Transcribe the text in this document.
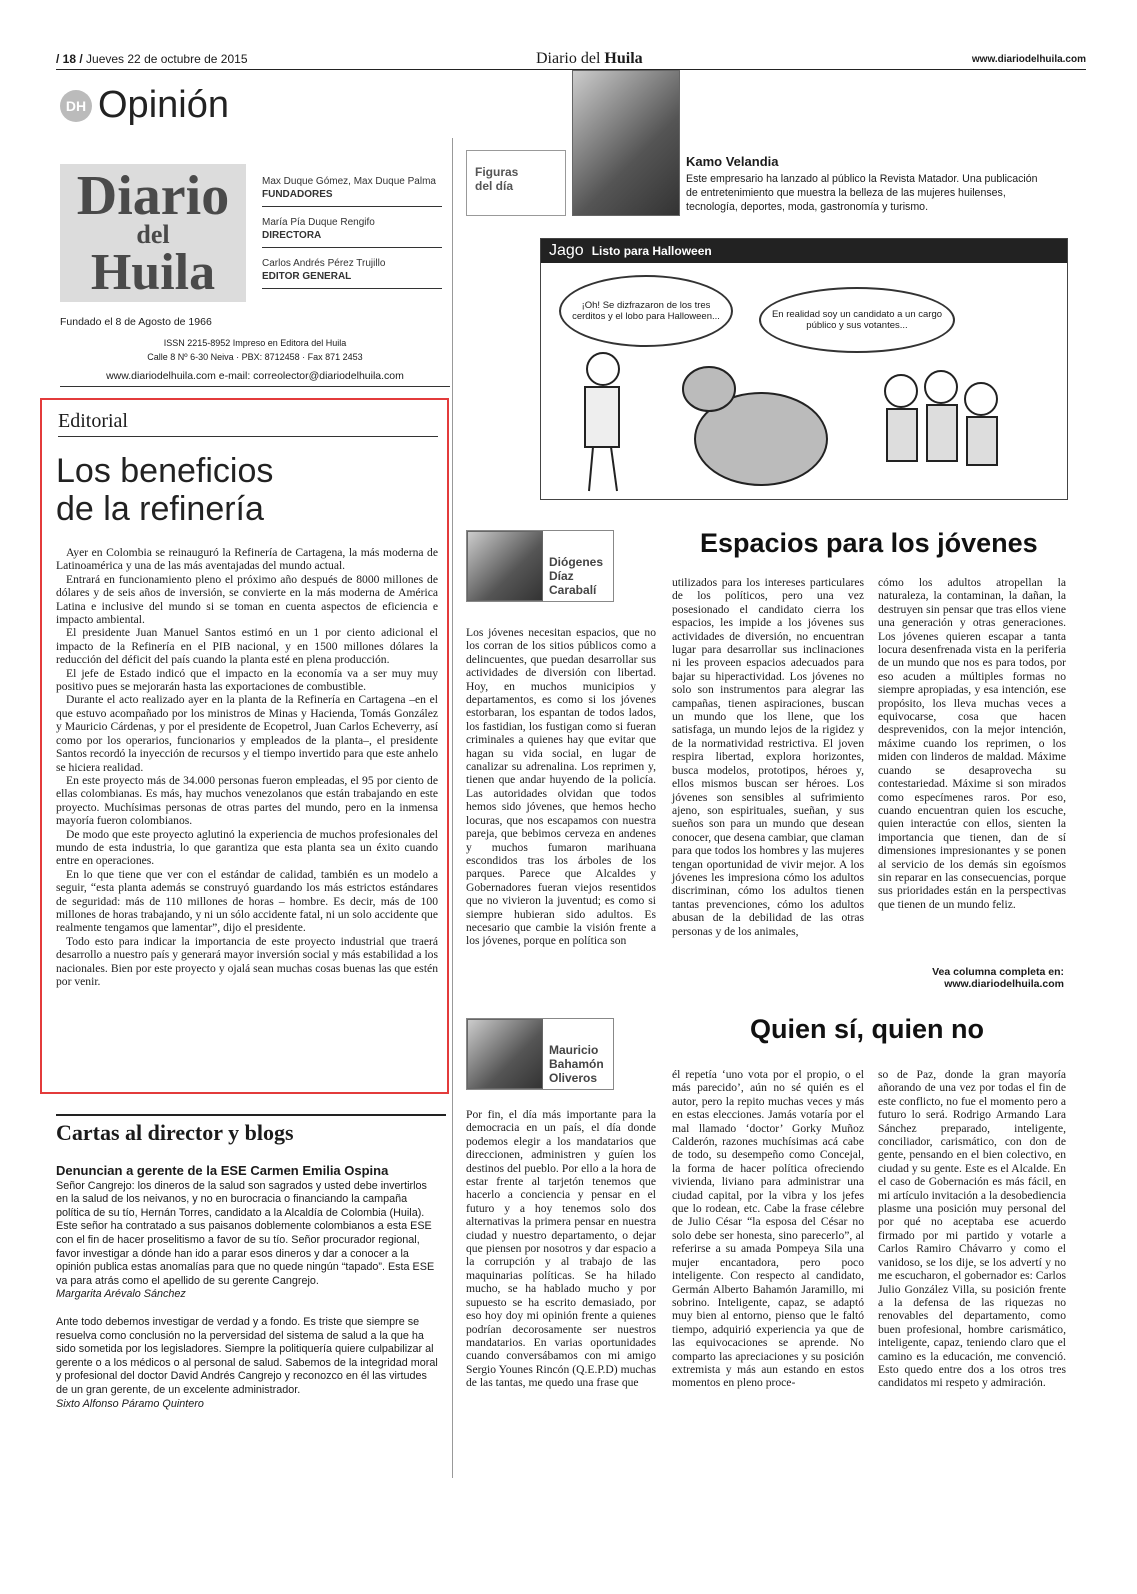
/ 18 / Jueves 22 de octubre de 2015	Diario del Huila	www.diariodelhuila.com
DH Opinión
Diario
del
Huila
Max Duque Gómez, Max Duque Palma
FUNDADORES
María Pía Duque Rengifo
DIRECTORA
Carlos Andrés Pérez Trujillo
EDITOR GENERAL
Fundado el 8 de Agosto de 1966
ISSN 2215-8952 Impreso en Editora del Huila
Calle 8 Nº 6-30 Neiva · PBX: 8712458 · Fax 871 2453
www.diariodelhuila.com e-mail: correolector@diariodelhuila.com
Editorial
Los beneficios
de la refinería

Ayer en Colombia se reinauguró la Refinería de Cartagena, la más moderna de Latinoamérica y una de las más aventajadas del mundo actual.

Entrará en funcionamiento pleno el próximo año después de 8000 millones de dólares y de seis años de inversión, se convierte en la más moderna de América Latina e inclusive del mundo si se toman en cuenta aspectos de eficiencia e impacto ambiental.

El presidente Juan Manuel Santos estimó en un 1 por ciento adicional el impacto de la Refinería en el PIB nacional, y en 1500 millones dólares la reducción del déficit del país cuando la planta esté en plena producción.

El jefe de Estado indicó que el impacto en la economía va a ser muy muy positivo pues se mejorarán hasta las exportaciones de combustible.

Durante el acto realizado ayer en la planta de la Refinería en Cartagena –en el que estuvo acompañado por los ministros de Minas y Hacienda, Tomás González y Mauricio Cárdenas, y por el presidente de Ecopetrol, Juan Carlos Echeverry, así como por los operarios, funcionarios y empleados de la planta–, el presidente Santos recordó la inyección de recursos y el tiempo invertido para que este anhelo se hiciera realidad.

En este proyecto más de 34.000 personas fueron empleadas, el 95 por ciento de ellas colombianas. Es más, hay muchos venezolanos que están trabajando en este proyecto. Muchísimas personas de otras partes del mundo, pero en la inmensa mayoría fueron colombianos.

De modo que este proyecto aglutinó la experiencia de muchos profesionales del mundo de esta industria, lo que garantiza que esta planta sea un éxito cuando entre en operaciones.

En lo que tiene que ver con el estándar de calidad, también es un modelo a seguir, “esta planta además se construyó guardando los más estrictos estándares de seguridad: más de 110 millones de horas – hombre. Es decir, más de 100 millones de horas trabajando, y ni un sólo accidente fatal, ni un solo accidente que realmente tengamos que lamentar”, dijo el presidente.

Todo esto para indicar la importancia de este proyecto industrial que traerá desarrollo a nuestro país y generará mayor inversión social y más estabilidad a los nacionales. Bien por este proyecto y ojalá sean muchas cosas buenas las que estén por venir.

Cartas al director y blogs
Denuncian a gerente de la ESE Carmen Emilia Ospina
Señor Cangrejo: los dineros de la salud son sagrados y usted debe invertirlos en la salud de los neivanos, y no en burocracia o financiando la campaña política de su tío, Hernán Torres, candidato a la Alcaldía de Colombia (Huila). Este señor ha contratado a sus paisanos doblemente colombianos a esta ESE con el fin de hacer proselitismo a favor de su tío. Señor procurador regional, favor investigar a dónde han ido a parar esos dineros y dar a conocer a la opinión publica estas anomalías para que no quede ningún “tapado”. Esta ESE va para atrás como el apellido de su gerente Cangrejo.
Margarita Arévalo Sánchez
Ante todo debemos investigar de verdad y a fondo. Es triste que siempre se resuelva como conclusión no la perversidad del sistema de salud a la que ha sido sometida por los legisladores. Siempre la politiquería quiere culpabilizar al gerente o a los médicos o al personal de salud. Sabemos de la integridad moral y profesional del doctor David Andrés Cangrejo y reconozco en él las virtudes de un gran gerente, de un excelente administrador.
Sixto Alfonso Páramo Quintero
Figuras
del día
Kamo Velandia
Este empresario ha lanzado al público la Revista Matador. Una publicación de entretenimiento que muestra la belleza de las mujeres huilenses, tecnología, deportes, moda, gastronomía y turismo.
Jago Listo para Halloween
¡Oh! Se dizfrazaron de los tres cerditos y el lobo para Halloween...	En realidad soy un candidato a un cargo público y sus votantes...
Diógenes
Díaz
Carabalí
Espacios para los jóvenes
Los jóvenes necesitan espacios, que no los corran de los sitios públicos como a delincuentes, que puedan desarrollar sus actividades de diversión con libertad. Hoy, en muchos municipios y departamentos, es como si los jóvenes estorbaran, los espantan de todos lados, los fastidian, los fustigan como si fueran criminales a quienes hay que evitar que hagan su vida social, en lugar de canalizar su adrenalina. Los reprimen y, tienen que andar huyendo de la policía. Las autoridades olvidan que todos hemos sido jóvenes, que hemos hecho locuras, que nos escapamos con nuestra pareja, que bebimos cerveza en andenes y muchos fumaron marihuana escondidos tras los árboles de los parques. Parece que Alcaldes y Gobernadores fueran viejos resentidos que no vivieron la juventud; es como si siempre hubieran sido adultos. Es necesario que cambie la visión frente a los jóvenes, porque en política son
utilizados para los intereses particulares de los políticos, pero una vez posesionado el candidato cierra los espacios, les impide a los jóvenes sus actividades de diversión, no encuentran lugar para desarrollar sus inclinaciones ni les proveen espacios adecuados para bajar su hiperactividad. Los jóvenes no solo son instrumentos para alegrar las campañas, tienen aspiraciones, buscan un mundo que los llene, que los satisfaga, un mundo lejos de la rigidez y de la normatividad restrictiva. El joven respira libertad, explora horizontes, busca modelos, prototipos, héroes y, ellos mismos buscan ser héroes. Los jóvenes son sensibles al sufrimiento ajeno, son espirituales, sueñan, y sus sueños son para un mundo que desean conocer, que desena cambiar, que claman para que todos los hombres y las mujeres tengan oportunidad de vivir mejor. A los jóvenes les impresiona cómo los adultos discriminan, cómo los adultos tienen tantas prevenciones, cómo los adultos abusan de la debilidad de las otras personas y de los animales,
cómo los adultos atropellan la naturaleza, la contaminan, la dañan, la destruyen sin pensar que tras ellos viene una generación y otras generaciones. Los jóvenes quieren escapar a tanta locura desenfrenada vista en la periferia de un mundo que nos es para todos, por eso acuden a múltiples formas no siempre apropiadas, y esa intención, ese propósito, los lleva muchas veces a equivocarse, cosa que hacen desprevenidos, con la mejor intención, máxime cuando los reprimen, o los miden con linderos de maldad. Máxime cuando se desaprovecha su contestariedad. Máxime si son mirados como especímenes raros. Por eso, cuando encuentran quien los escuche, quien interactúe con ellos, sienten la importancia que tienen, dan de sí dimensiones impresionantes y se ponen al servicio de los demás sin egoísmos sin reparar en las consecuencias, porque sus prioridades están en la perspectivas que tienen de un mundo feliz.
Vea columna completa en:
www.diariodelhuila.com
Mauricio
Bahamón
Oliveros
Quien sí, quien no
Por fin, el día más importante para la democracia en un país, el día donde podemos elegir a los mandatarios que direccionen, administren y guíen los destinos del pueblo. Por ello a la hora de estar frente al tarjetón tenemos que hacerlo a conciencia y pensar en el futuro y a hoy tenemos solo dos alternativas la primera pensar en nuestra ciudad y nuestro departamento, o dejar que piensen por nosotros y dar espacio a la corrupción y al trabajo de las maquinarias políticas. Se ha hilado mucho, se ha hablado mucho y por supuesto se ha escrito demasiado, por eso hoy doy mi opinión frente a quienes podrían decorosamente ser nuestros mandatarios. En varias oportunidades cuando conversábamos con mi amigo Sergio Younes Rincón (Q.E.P.D) muchas de las tantas, me quedo una frase que
él repetía ‘uno vota por el propio, o el más parecido’, aún no sé quién es el autor, pero la repito muchas veces y más en estas elecciones. Jamás votaría por el mal llamado ‘doctor’ Gorky Muñoz Calderón, razones muchísimas acá cabe de todo, su desempeño como Concejal, la forma de hacer política ofreciendo vivienda, liviano para administrar una ciudad capital, por la vibra y los jefes que lo rodean, etc. Cabe la frase célebre de Julio César “la esposa del César no solo debe ser honesta, sino parecerlo”, al referirse a su amada Pompeya Sila una mujer encantadora, pero poco inteligente. Con respecto al candidato, Germán Alberto Bahamón Jaramillo, mi sobrino. Inteligente, capaz, se adaptó muy bien al entorno, pienso que le faltó tiempo, adquirió experiencia ya que de las equivocaciones se aprende. No comparto las apreciaciones y su posición extremista y más aun estando en estos momentos en pleno proce-
so de Paz, donde la gran mayoría añorando de una vez por todas el fin de este conflicto, no fue el momento pero a futuro lo será. Rodrigo Armando Lara Sánchez preparado, inteligente, conciliador, carismático, con don de gente, pensando en el bien colectivo, en ciudad y su gente. Este es el Alcalde. En el caso de Gobernación es más fácil, en mi artículo invitación a la desobediencia plasme una posición muy personal del por qué no aceptaba ese acuerdo firmado por mi partido y votarle a Carlos Ramiro Chávarro y como el vanidoso, se los dije, se los advertí y no me escucharon, el gobernador es: Carlos Julio González Villa, su posición frente a la defensa de las riquezas no renovables del departamento, como buen profesional, hombre carismático, inteligente, capaz, teniendo claro que el camino es la educación, me convenció. Esto quedo entre dos a los otros tres candidatos mi respeto y admiración.
